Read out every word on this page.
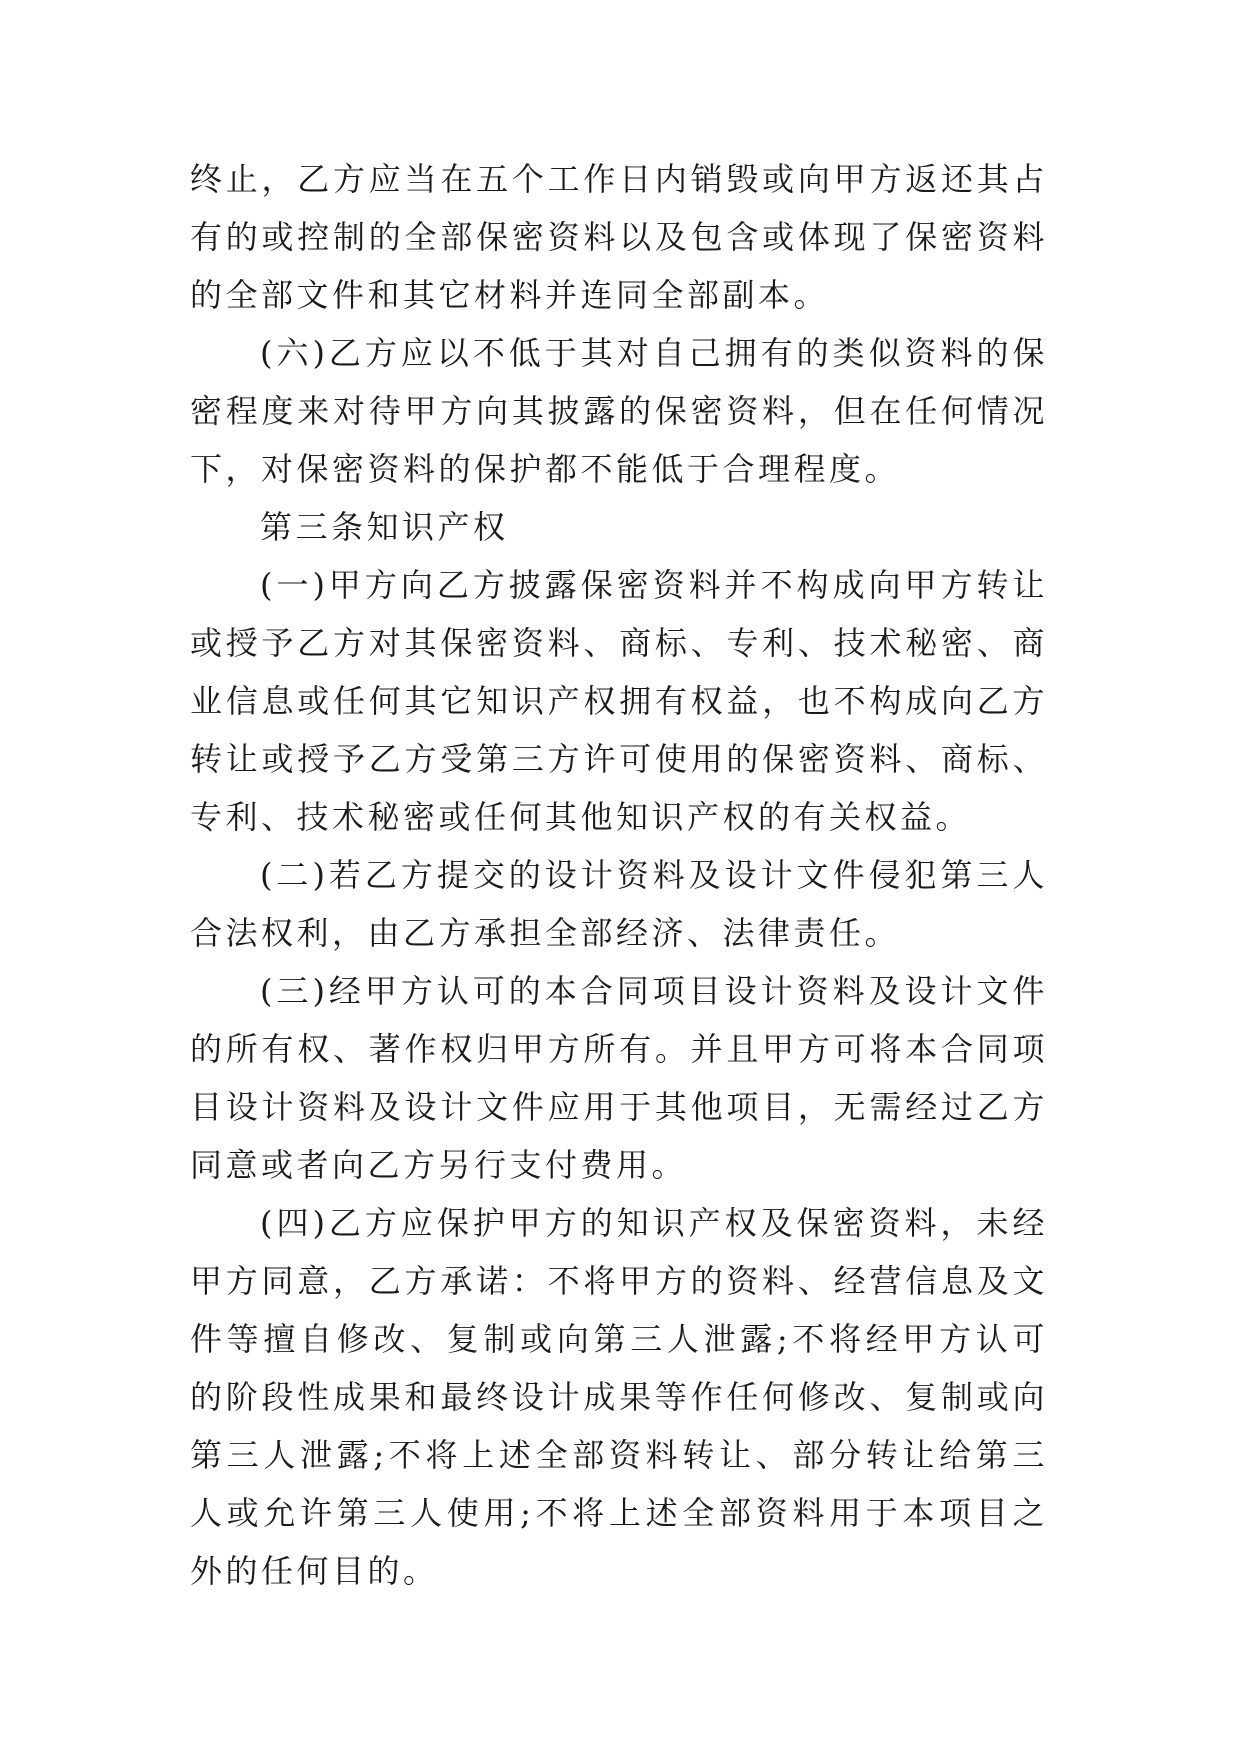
终止，乙方应当在五个工作日内销毁或向甲方返还其占有的或控制的全部保密资料以及包含或体现了保密资料的全部文件和其它材料并连同全部副本。

(六)乙方应以不低于其对自己拥有的类似资料的保密程度来对待甲方向其披露的保密资料，但在任何情况下，对保密资料的保护都不能低于合理程度。

第三条知识产权

(一)甲方向乙方披露保密资料并不构成向甲方转让或授予乙方对其保密资料、商标、专利、技术秘密、商业信息或任何其它知识产权拥有权益，也不构成向乙方转让或授予乙方受第三方许可使用的保密资料、商标、专利、技术秘密或任何其他知识产权的有关权益。

(二)若乙方提交的设计资料及设计文件侵犯第三人合法权利，由乙方承担全部经济、法律责任。

(三)经甲方认可的本合同项目设计资料及设计文件的所有权、著作权归甲方所有。并且甲方可将本合同项目设计资料及设计文件应用于其他项目，无需经过乙方同意或者向乙方另行支付费用。

(四)乙方应保护甲方的知识产权及保密资料，未经甲方同意，乙方承诺：不将甲方的资料、经营信息及文件等擅自修改、复制或向第三人泄露;不将经甲方认可的阶段性成果和最终设计成果等作任何修改、复制或向第三人泄露;不将上述全部资料转让、部分转让给第三人或允许第三人使用;不将上述全部资料用于本项目之外的任何目的。
